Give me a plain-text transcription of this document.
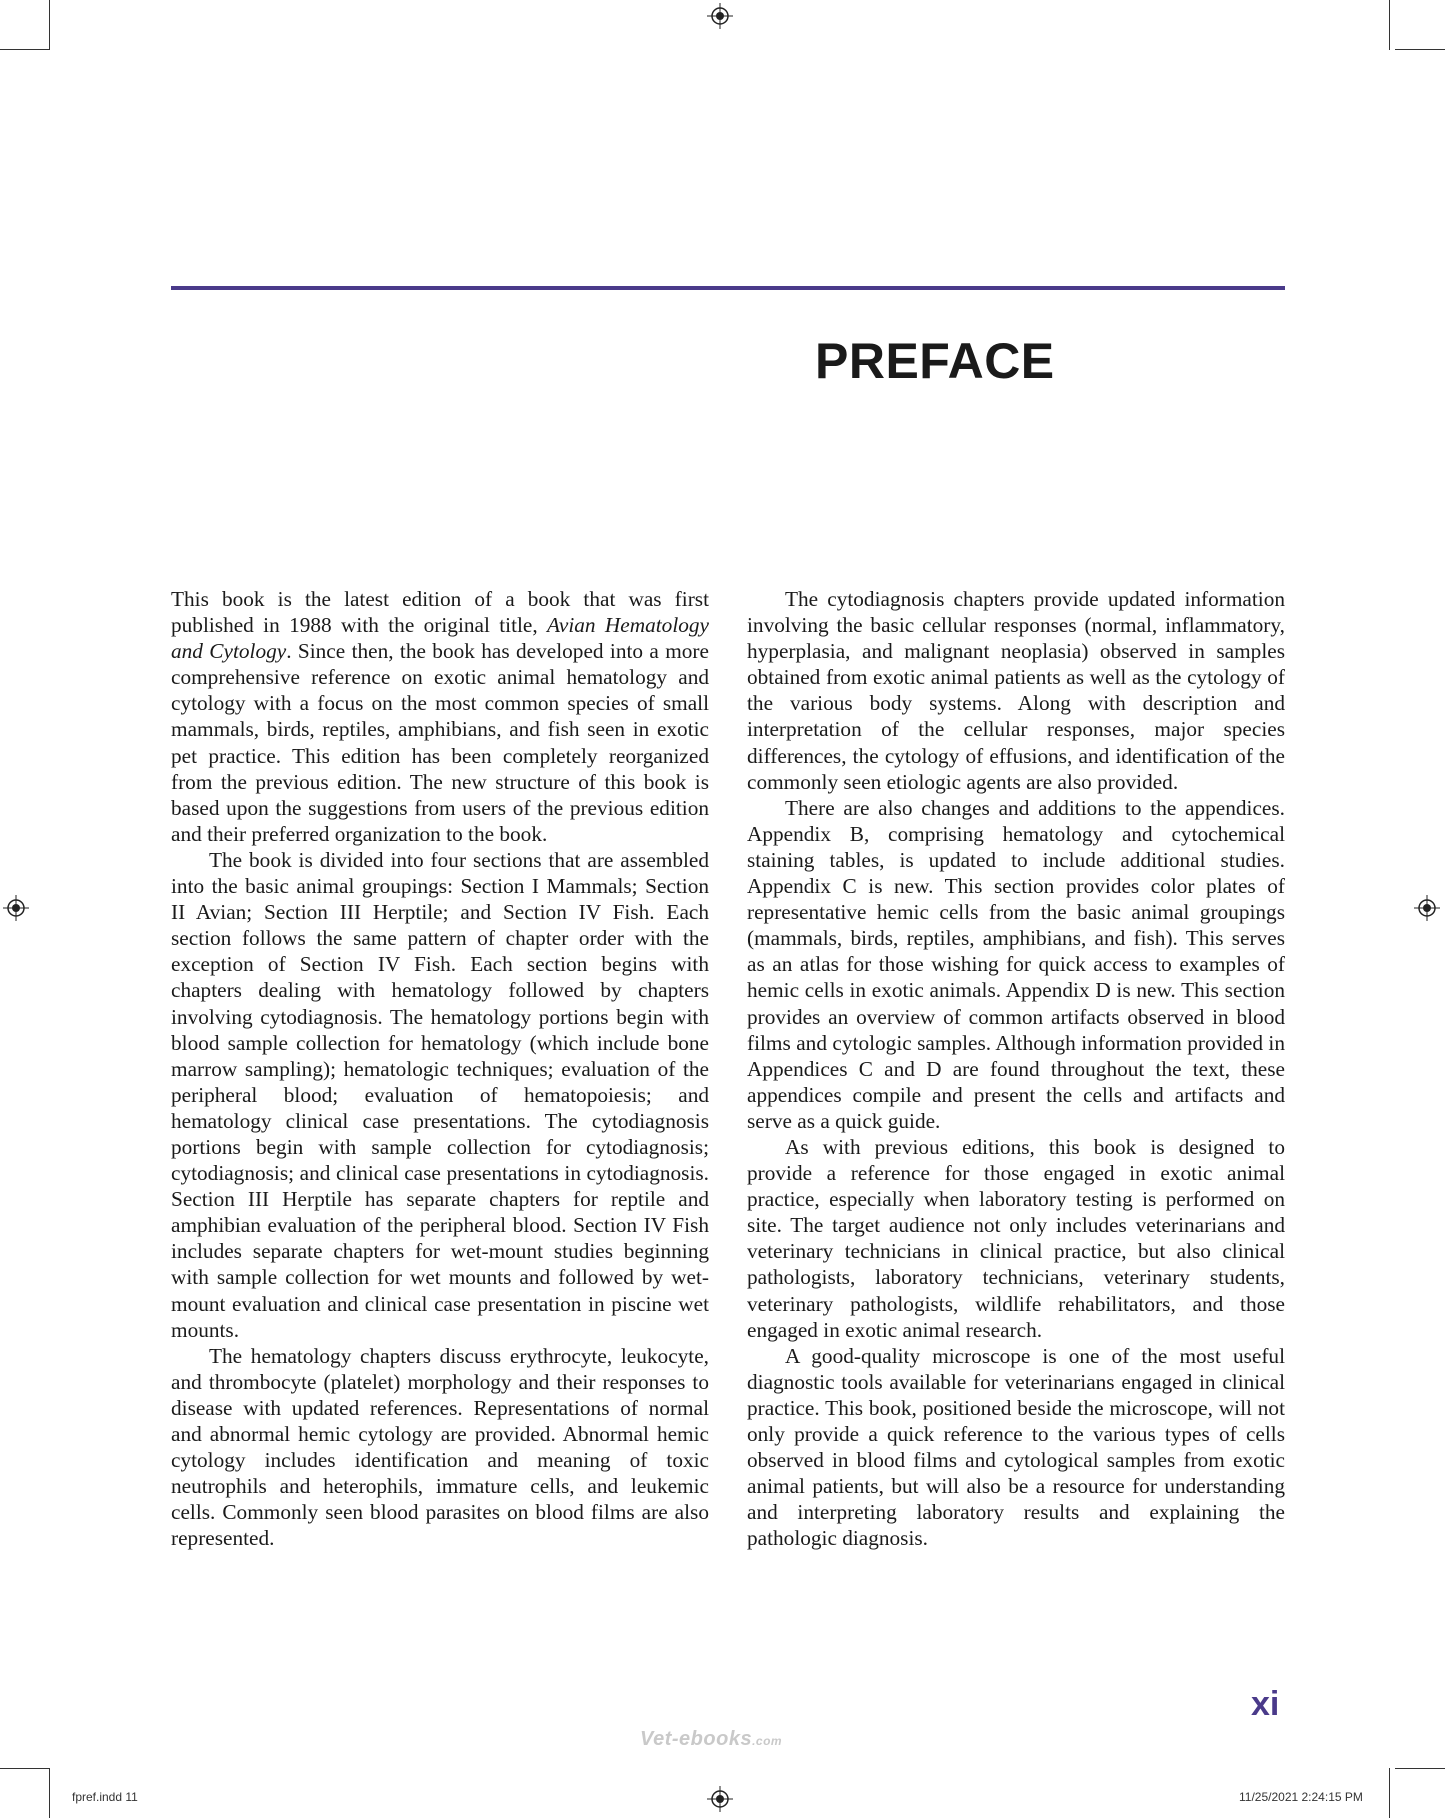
PREFACE

This book is the latest edition of a book that was first published in 1988 with the original title, Avian Hematology and Cytology. Since then, the book has developed into a more comprehensive reference on exotic animal hematology and cytology with a focus on the most common species of small mammals, birds, reptiles, amphibians, and fish seen in exotic pet practice. This edition has been completely reorganized from the previous edition. The new structure of this book is based upon the suggestions from users of the previous edition and their preferred organization to the book.

The book is divided into four sections that are assembled into the basic animal groupings: Section I Mammals; Section II Avian; Section III Herptile; and Section IV Fish. Each section follows the same pattern of chapter order with the exception of Section IV Fish. Each section begins with chapters dealing with hematology followed by chapters involving cytodiagnosis. The hematology portions begin with blood sample collection for hematology (which include bone marrow sampling); hematologic techniques; evaluation of the peripheral blood; evaluation of hematopoiesis; and hematology clinical case presentations. The cytodiagnosis portions begin with sample collection for cytodiagnosis; cytodiagnosis; and clinical case presentations in cytodiagnosis. Section III Herptile has separate chapters for reptile and amphibian evaluation of the peripheral blood. Section IV Fish includes separate chapters for wet-mount studies beginning with sample collection for wet mounts and followed by wet-mount evaluation and clinical case presentation in piscine wet mounts.

The hematology chapters discuss erythrocyte, leukocyte, and thrombocyte (platelet) morphology and their responses to disease with updated references. Representations of normal and abnormal hemic cytology are provided. Abnormal hemic cytology includes identification and meaning of toxic neutrophils and heterophils, immature cells, and leukemic cells. Commonly seen blood parasites on blood films are also represented.

The cytodiagnosis chapters provide updated information involving the basic cellular responses (normal, inflammatory, hyperplasia, and malignant neoplasia) observed in samples obtained from exotic animal patients as well as the cytology of the various body systems. Along with description and interpretation of the cellular responses, major species differences, the cytology of effusions, and identification of the commonly seen etiologic agents are also provided.

There are also changes and additions to the appendices. Appendix B, comprising hematology and cytochemical staining tables, is updated to include additional studies. Appendix C is new. This section provides color plates of representative hemic cells from the basic animal groupings (mammals, birds, reptiles, amphibians, and fish). This serves as an atlas for those wishing for quick access to examples of hemic cells in exotic animals. Appendix D is new. This section provides an overview of common artifacts observed in blood films and cytologic samples. Although information provided in Appendices C and D are found throughout the text, these appendices compile and present the cells and artifacts and serve as a quick guide.

As with previous editions, this book is designed to provide a reference for those engaged in exotic animal practice, especially when laboratory testing is performed on site. The target audience not only includes veterinarians and veterinary technicians in clinical practice, but also clinical pathologists, laboratory technicians, veterinary students, veterinary pathologists, wildlife rehabilitators, and those engaged in exotic animal research.

A good-quality microscope is one of the most useful diagnostic tools available for veterinarians engaged in clinical practice. This book, positioned beside the microscope, will not only provide a quick reference to the various types of cells observed in blood films and cytological samples from exotic animal patients, but will also be a resource for understanding and interpreting laboratory results and explaining the pathologic diagnosis.

xi
Vet-ebooks.com
fpref.indd 11	11/25/2021 2:24:15 PM
